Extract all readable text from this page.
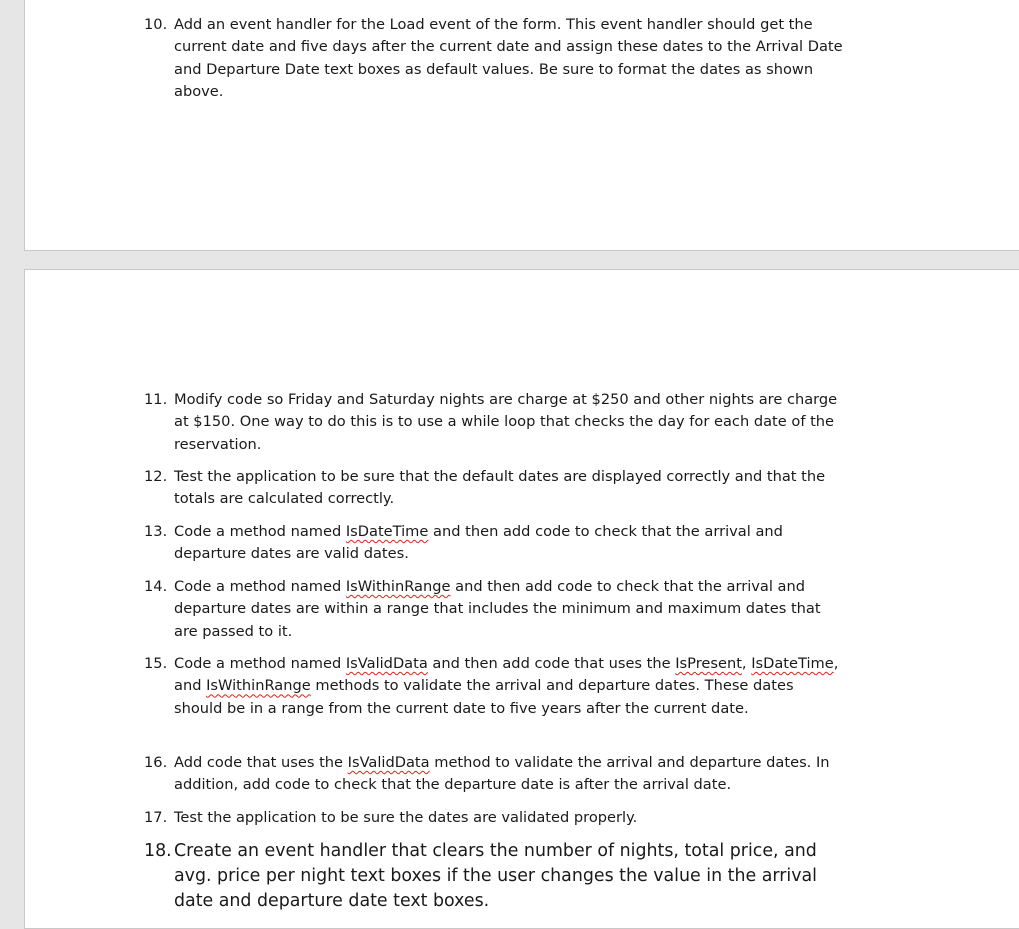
10. Add an event handler for the Load event of the form. This event handler should get the current date and five days after the current date and assign these dates to the Arrival Date and Departure Date text boxes as default values. Be sure to format the dates as shown above.
11. Modify code so Friday and Saturday nights are charge at $250 and other nights are charge at $150. One way to do this is to use a while loop that checks the day for each date of the reservation.
12. Test the application to be sure that the default dates are displayed correctly and that the totals are calculated correctly.
13. Code a method named IsDateTime and then add code to check that the arrival and departure dates are valid dates.
14. Code a method named IsWithinRange and then add code to check that the arrival and departure dates are within a range that includes the minimum and maximum dates that are passed to it.
15. Code a method named IsValidData and then add code that uses the IsPresent, IsDateTime, and IsWithinRange methods to validate the arrival and departure dates. These dates should be in a range from the current date to five years after the current date.
16. Add code that uses the IsValidData method to validate the arrival and departure dates. In addition, add code to check that the departure date is after the arrival date.
17. Test the application to be sure the dates are validated properly.
18. Create an event handler that clears the number of nights, total price, and avg. price per night text boxes if the user changes the value in the arrival date and departure date text boxes.
